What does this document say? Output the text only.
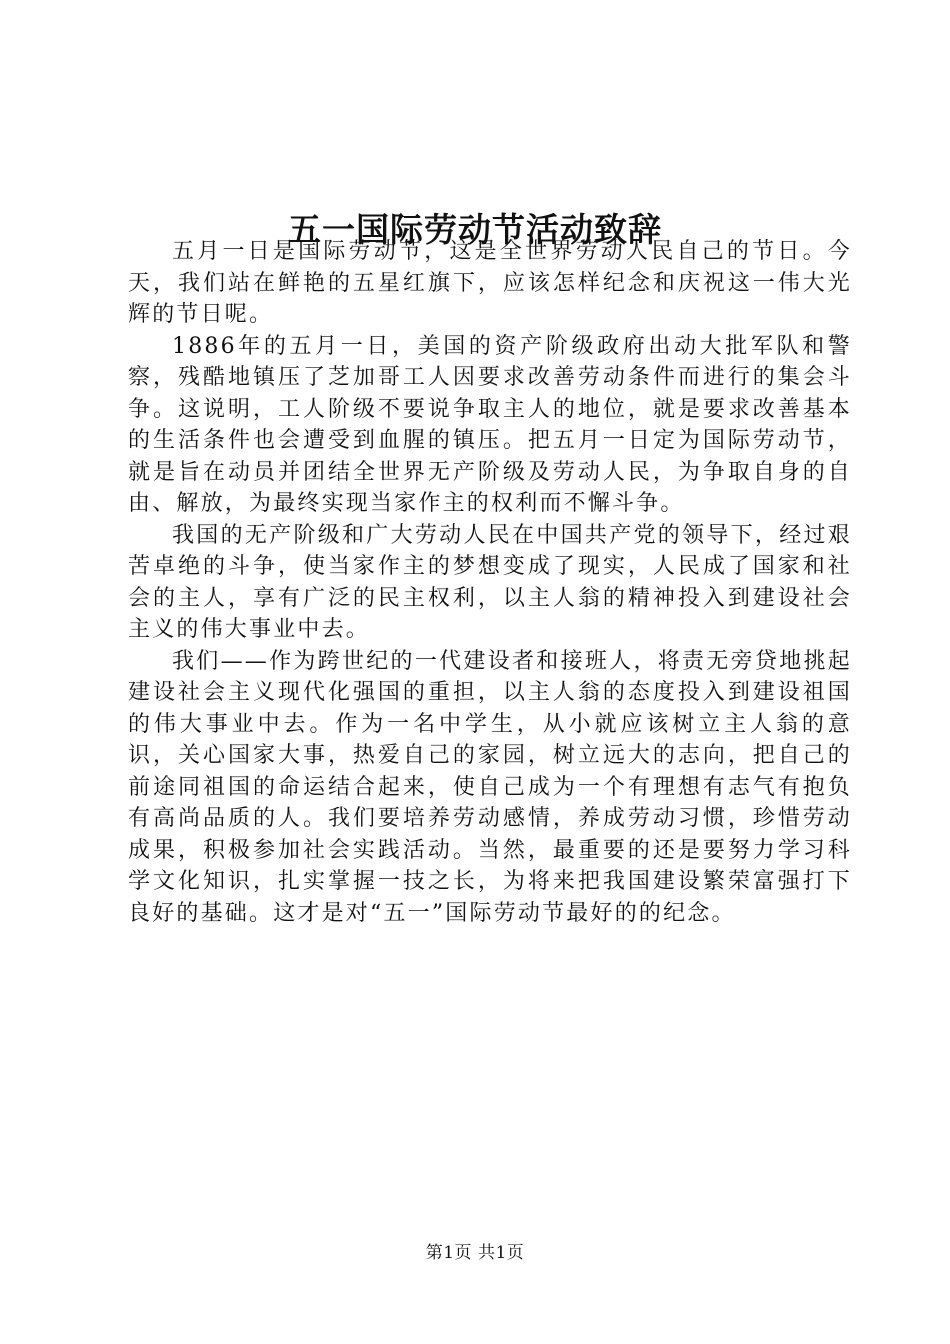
五一国际劳动节活动致辞

五月一日是国际劳动节，这是全世界劳动人民自己的节日。今天，我们站在鲜艳的五星红旗下，应该怎样纪念和庆祝这一伟大光辉的节日呢。

1886年的五月一日，美国的资产阶级政府出动大批军队和警察，残酷地镇压了芝加哥工人因要求改善劳动条件而进行的集会斗争。这说明，工人阶级不要说争取主人的地位，就是要求改善基本的生活条件也会遭受到血腥的镇压。把五月一日定为国际劳动节，就是旨在动员并团结全世界无产阶级及劳动人民，为争取自身的自由、解放，为最终实现当家作主的权利而不懈斗争。

我国的无产阶级和广大劳动人民在中国共产党的领导下，经过艰苦卓绝的斗争，使当家作主的梦想变成了现实，人民成了国家和社会的主人，享有广泛的民主权利，以主人翁的精神投入到建设社会主义的伟大事业中去。

我们——作为跨世纪的一代建设者和接班人，将责无旁贷地挑起建设社会主义现代化强国的重担，以主人翁的态度投入到建设祖国的伟大事业中去。作为一名中学生，从小就应该树立主人翁的意识，关心国家大事，热爱自己的家园，树立远大的志向，把自己的前途同祖国的命运结合起来，使自己成为一个有理想有志气有抱负有高尚品质的人。我们要培养劳动感情，养成劳动习惯，珍惜劳动成果，积极参加社会实践活动。当然，最重要的还是要努力学习科学文化知识，扎实掌握一技之长，为将来把我国建设繁荣富强打下良好的基础。这才是对“五一”国际劳动节最好的的纪念。

第1页 共1页
